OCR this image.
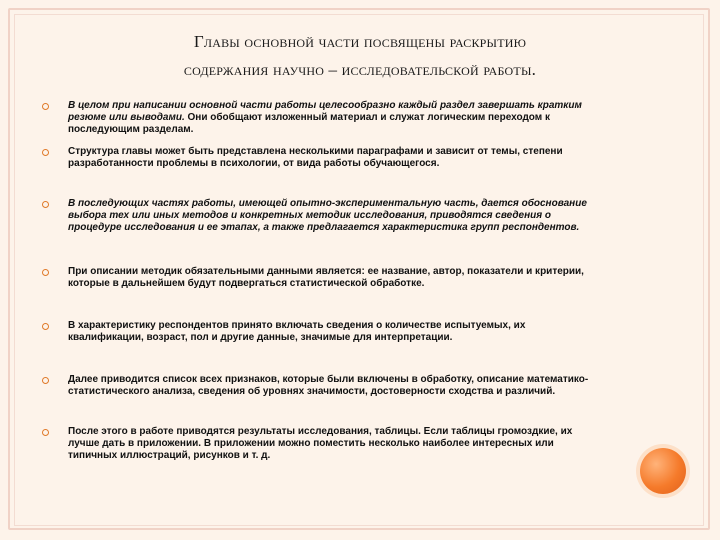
Главы основной части посвящены раскрытию
содержания научно – исследовательской работы.
В целом при написании основной части работы целесообразно каждый раздел завершать кратким резюме или выводами. Они обобщают изложенный материал и служат логическим переходом к последующим разделам.
Структура главы может быть представлена несколькими параграфами и зависит от темы, степени разработанности проблемы в психологии, от вида работы обучающегося.
В последующих частях работы, имеющей опытно-экспериментальную часть, дается обоснование выбора тех или иных методов и конкретных методик исследования, приводятся сведения о процедуре исследования и ее этапах, а также предлагается характеристика групп респондентов.
При описании методик обязательными данными является: ее название, автор, показатели и критерии, которые в дальнейшем будут подвергаться статистической обработке.
В характеристику респондентов принято включать сведения о количестве испытуемых, их квалификации, возраст, пол и другие данные, значимые для интерпретации.
Далее приводится список всех признаков, которые были включены в обработку, описание математико-статистического анализа, сведения об уровнях значимости, достоверности сходства и различий.
После этого в работе приводятся результаты исследования, таблицы. Если таблицы громоздкие, их лучше дать в приложении. В приложении можно поместить несколько наиболее интересных или типичных иллюстраций, рисунков и т. д.
